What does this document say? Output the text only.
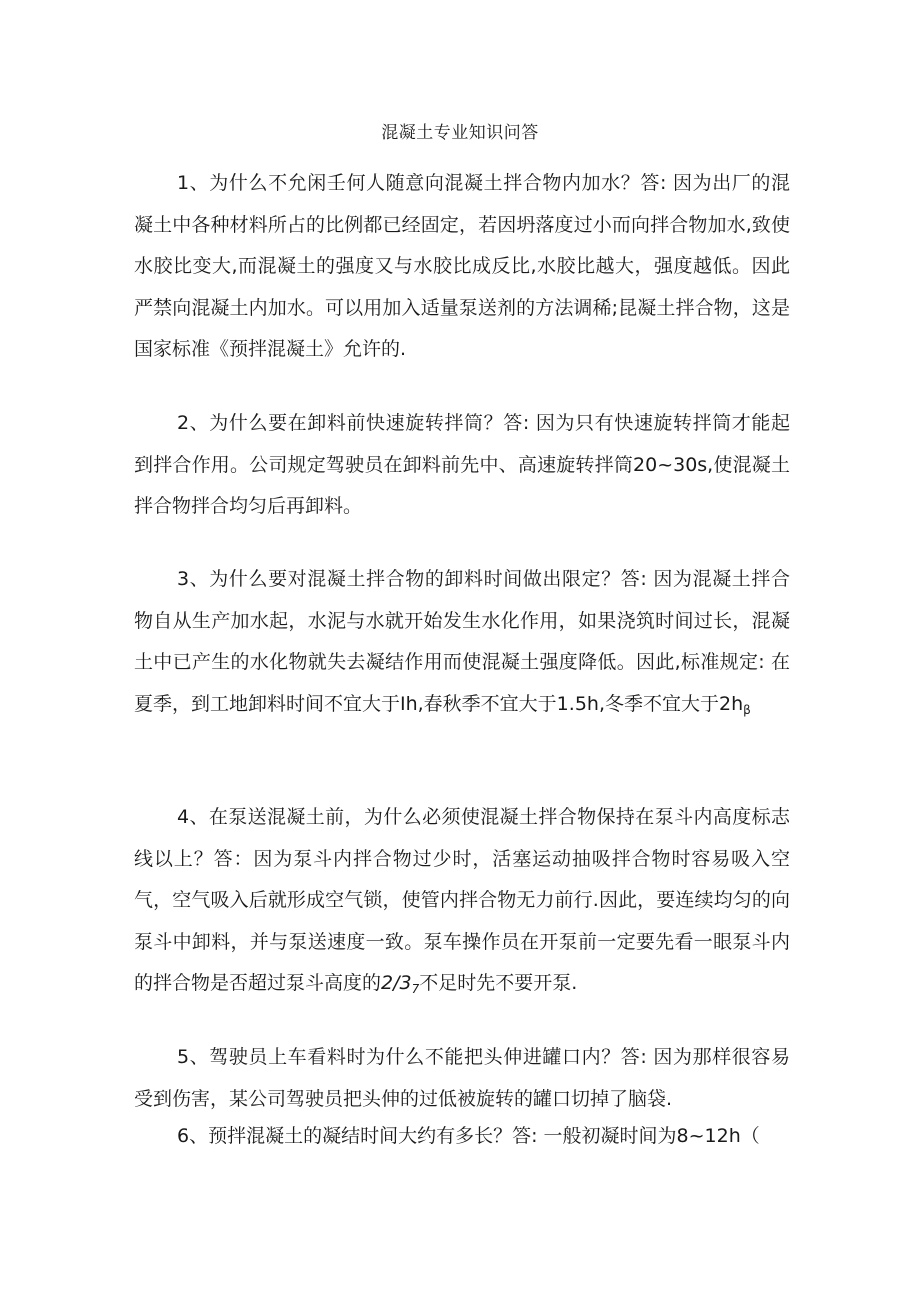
混凝土专业知识问答

1、为什么不允闲壬何人随意向混凝土拌合物内加水？答: 因为出厂的混凝土中各种材料所占的比例都已经固定，若因坍落度过小而向拌合物加水,致使水胶比变大,而混凝土的强度又与水胶比成反比,水胶比越大，强度越低。因此严禁向混凝土内加水。可以用加入适量泵送剂的方法调稀;昆凝土拌合物，这是国家标准《预拌混凝土》允许的.

2、为什么要在卸料前快速旋转拌筒？答: 因为只有快速旋转拌筒才能起到拌合作用。公司规定驾驶员在卸料前先中、高速旋转拌筒20~30s,使混凝土拌合物拌合均匀后再卸料。

3、为什么要对混凝土拌合物的卸料时间做出限定？答: 因为混凝土拌合物自从生产加水起，水泥与水就开始发生水化作用，如果浇筑时间过长，混凝土中已产生的水化物就失去凝结作用而使混凝土强度降低。因此,标准规定: 在夏季，到工地卸料时间不宜大于Ih,春秋季不宜大于1.5h,冬季不宜大于$2h_\beta$

4、在泵送混凝土前，为什么必须使混凝土拌合物保持在泵斗内高度标志线以上？答：因为泵斗内拌合物过少时，活塞运动抽吸拌合物时容易吸入空气，空气吸入后就形成空气锁，使管内拌合物无力前行.因此，要连续均匀的向泵斗中卸料，并与泵送速度一致。泵车操作员在开泵前一定要先看一眼泵斗内的拌合物是否超过泵斗高度的$2/3_7$不足时先不要开泵.

5、驾驶员上车看料时为什么不能把头伸进罐口内？答: 因为那样很容易受到伤害，某公司驾驶员把头伸的过低被旋转的罐口切掉了脑袋.

6、预拌混凝土的凝结时间大约有多长？答: 一般初凝时间为8~12h（
